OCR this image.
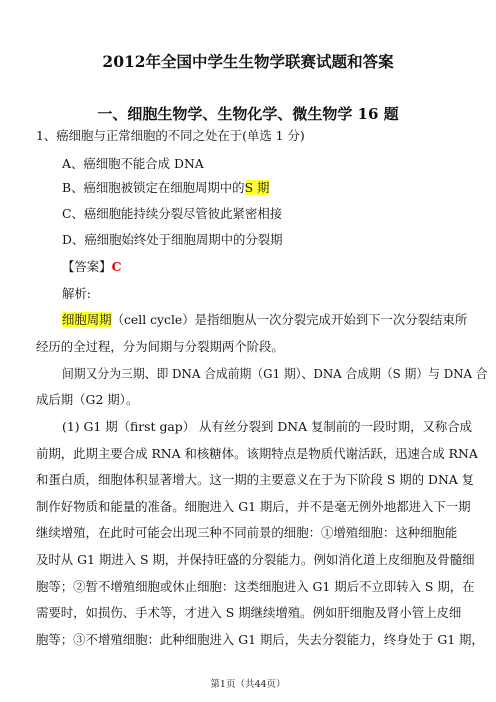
2012年全国中学生生物学联赛试题和答案
一、细胞生物学、生物化学、微生物学 16 题
1、癌细胞与正常细胞的不同之处在于(单选 1 分)
A、癌细胞不能合成 DNA
B、癌细胞被锁定在细胞周期中的S 期
C、癌细胞能持续分裂尽管彼此紧密相接
D、癌细胞始终处于细胞周期中的分裂期
【答案】C
解析:
细胞周期（cell cycle）是指细胞从一次分裂完成开始到下一次分裂结束所
经历的全过程，分为间期与分裂期两个阶段。
间期又分为三期、即 DNA 合成前期（G1 期）、DNA 合成期（S 期）与 DNA 合
成后期（G2 期）。
(1) G1 期（first gap） 从有丝分裂到 DNA 复制前的一段时期，又称合成
前期，此期主要合成 RNA 和核糖体。该期特点是物质代谢活跃，迅速合成 RNA
和蛋白质，细胞体积显著增大。这一期的主要意义在于为下阶段 S 期的 DNA 复
制作好物质和能量的准备。细胞进入 G1 期后，并不是毫无例外地都进入下一期
继续增殖，在此时可能会出现三种不同前景的细胞：①增殖细胞：这种细胞能
及时从 G1 期进入 S 期，并保持旺盛的分裂能力。例如消化道上皮细胞及骨髓细
胞等；②暂不增殖细胞或休止细胞：这类细胞进入 G1 期后不立即转入 S 期，在
需要时，如损伤、手术等，才进入 S 期继续增殖。例如肝细胞及肾小管上皮细
胞等；③不增殖细胞：此种细胞进入 G1 期后，失去分裂能力，终身处于 G1 期，
第1页（共44页）
